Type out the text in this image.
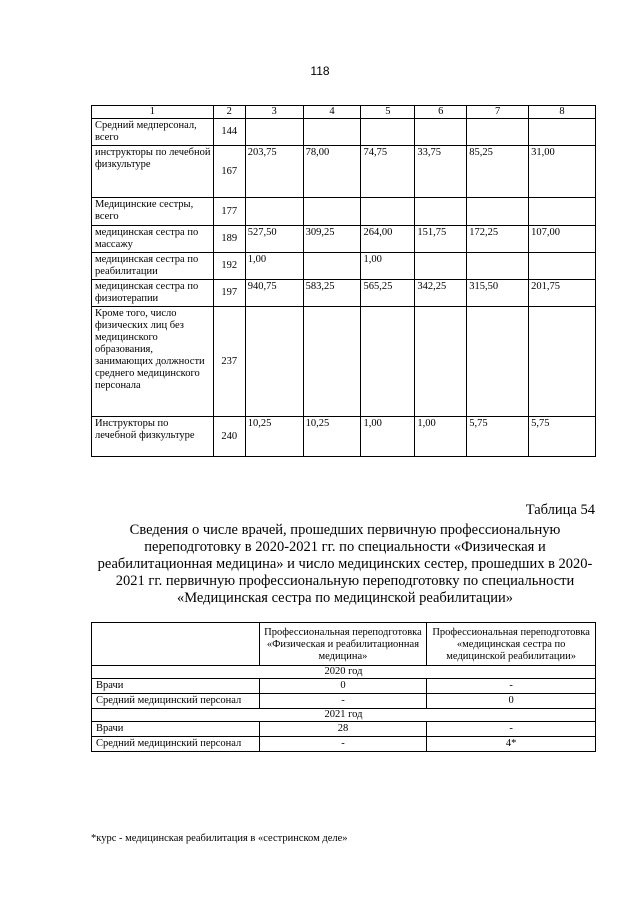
118
1	2	3	4	5	6	7	8
Средний медперсонал, всего	144						
инструкторы по лечебной физкультуре	167	203,75	78,00	74,75	33,75	85,25	31,00
Медицинские сестры, всего	177						
медицинская сестра по массажу	189	527,50	309,25	264,00	151,75	172,25	107,00
медицинская сестра по реабилитации	192	1,00		1,00			
медицинская сестра по физиотерапии	197	940,75	583,25	565,25	342,25	315,50	201,75
Кроме того, число физических лиц без медицинского образования, занимающих должности среднего медицинского персонала	237						
Инструкторы по лечебной физкультуре	240	10,25	10,25	1,00	1,00	5,75	5,75
Таблица 54
Сведения о числе врачей, прошедших первичную профессиональную переподготовку в 2020-2021 гг. по специальности «Физическая и реабилитационная медицина» и число медицинских сестер, прошедших в 2020-2021 гг. первичную профессиональную переподготовку по специальности «Медицинская сестра по медицинской реабилитации»
	Профессиональная переподготовка «Физическая и реабилитационная медицина»	Профессиональная переподготовка «медицинская сестра по медицинской реабилитации»
2020 год		
Врачи	0	-
Средний медицинский персонал	-	0
2021 год		
Врачи	28	-
Средний медицинский персонал	-	4*
*курс - медицинская реабилитация в «сестринском деле»
